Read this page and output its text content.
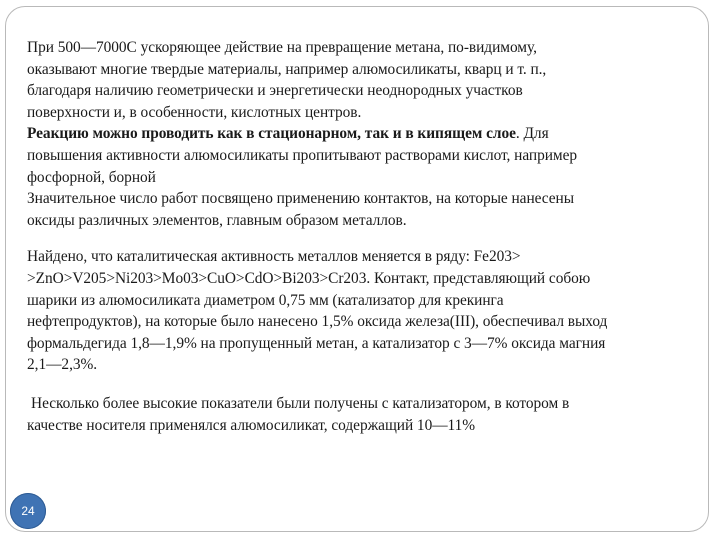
При 500—7000С ускоряющее действие на превращение метана, по-видимому,
оказывают многие твердые материалы, например алюмосиликаты, кварц и т. п.,
благодаря наличию геометрически и энергетически неоднородных участков
поверхности и, в особенности, кислотных центров.
Реакцию можно проводить как в стационарном, так и в кипящем слое. Для
повышения активности алюмосиликаты пропитывают растворами кислот, например
фосфорной, борной
Значительное число работ посвящено применению контактов, на которые нанесены
оксиды различных элементов, главным образом металлов.
Найдено, что каталитическая активность металлов меняется в ряду: Fe203>
>ZnO>V205>Ni203>Mo03>CuO>CdO>Bi203>Cr203. Контакт, представляющий собою
шарики из алюмосиликата диаметром 0,75 мм (катализатор для крекинга
нефтепродуктов), на которые было нанесено 1,5% оксида железа(III), обеспечивал выход
формальдегида 1,8—1,9% на пропущенный метан, а катализатор с 3—7% оксида магния
2,1—2,3%.
Несколько более высокие показатели были получены с катализатором, в котором в
качестве носителя применялся алюмосиликат, содержащий 10—11%
24
